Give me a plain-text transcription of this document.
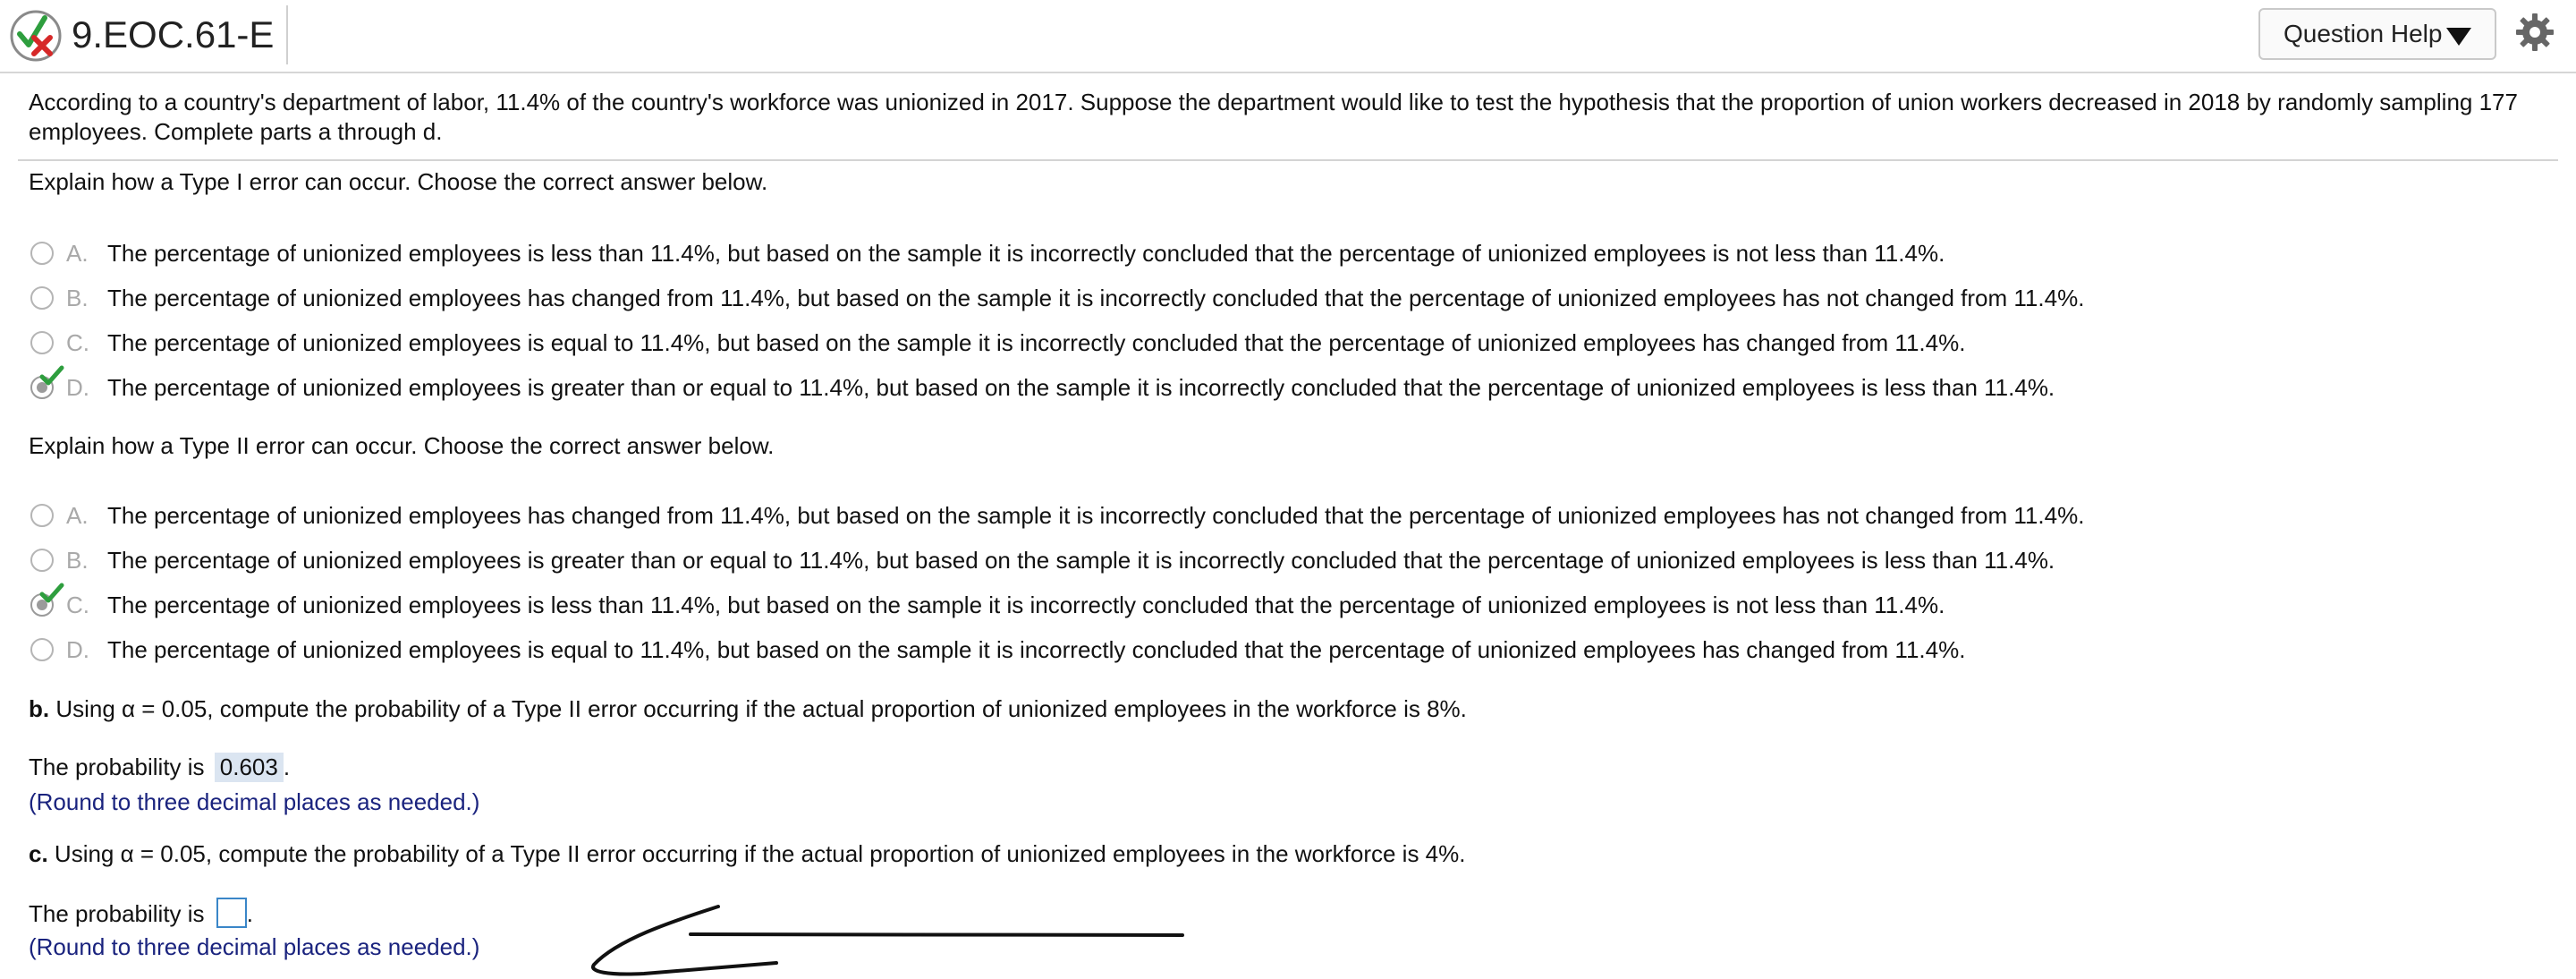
9.EOC.61-E	Question Help
According to a country's department of labor, 11.4% of the country's workforce was unionized in 2017. Suppose the department would like to test the hypothesis that the proportion of union workers decreased in 2018 by randomly sampling 177 employees. Complete parts a through d.
Explain how a Type I error can occur. Choose the correct answer below.
A. The percentage of unionized employees is less than 11.4%, but based on the sample it is incorrectly concluded that the percentage of unionized employees is not less than 11.4%.
B. The percentage of unionized employees has changed from 11.4%, but based on the sample it is incorrectly concluded that the percentage of unionized employees has not changed from 11.4%.
C. The percentage of unionized employees is equal to 11.4%, but based on the sample it is incorrectly concluded that the percentage of unionized employees has changed from 11.4%.
D. The percentage of unionized employees is greater than or equal to 11.4%, but based on the sample it is incorrectly concluded that the percentage of unionized employees is less than 11.4%.
Explain how a Type II error can occur. Choose the correct answer below.
A. The percentage of unionized employees has changed from 11.4%, but based on the sample it is incorrectly concluded that the percentage of unionized employees has not changed from 11.4%.
B. The percentage of unionized employees is greater than or equal to 11.4%, but based on the sample it is incorrectly concluded that the percentage of unionized employees is less than 11.4%.
C. The percentage of unionized employees is less than 11.4%, but based on the sample it is incorrectly concluded that the percentage of unionized employees is not less than 11.4%.
D. The percentage of unionized employees is equal to 11.4%, but based on the sample it is incorrectly concluded that the percentage of unionized employees has changed from 11.4%.
b. Using α = 0.05, compute the probability of a Type II error occurring if the actual proportion of unionized employees in the workforce is 8%.
The probability is 0.603 .
(Round to three decimal places as needed.)
c. Using α = 0.05, compute the probability of a Type II error occurring if the actual proportion of unionized employees in the workforce is 4%.
The probability is .
(Round to three decimal places as needed.)
